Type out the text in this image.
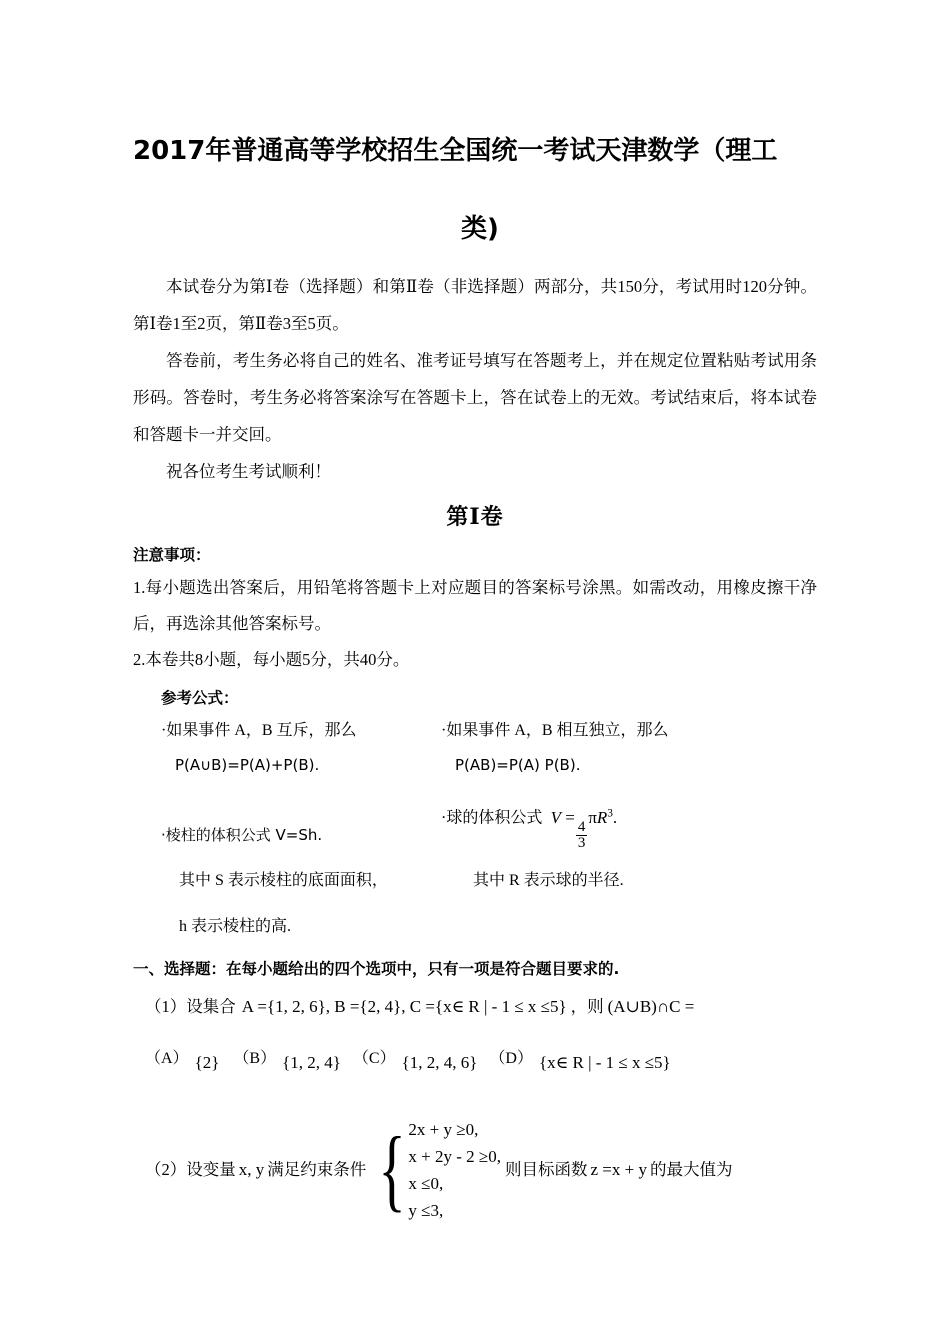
2017年普通高等学校招生全国统一考试天津数学（理工
类)

本试卷分为第Ⅰ卷（选择题）和第Ⅱ卷（非选择题）两部分，共150分，考试用时120分钟。第Ⅰ卷1至2页，第Ⅱ卷3至5页。

答卷前，考生务必将自己的姓名、准考证号填写在答题考上，并在规定位置粘贴考试用条形码。答卷时，考生务必将答案涂写在答题卡上，答在试卷上的无效。考试结束后，将本试卷和答题卡一并交回。

祝各位考生考试顺利！

第Ⅰ卷

注意事项：

1.每小题选出答案后，用铅笔将答题卡上对应题目的答案标号涂黑。如需改动，用橡皮擦干净后，再选涂其他答案标号。

2.本卷共8小题，每小题5分，共40分。

参考公式：

·如果事件 A，B 互斥，那么	·如果事件 A，B 相互独立，那么
P(A∪B)=P(A)+P(B).	P(AB)=P(A) P(B).
·棱柱的体积公式 V=Sh.
·球的体积公式 V =
$\frac{4}{3}$
$\pi R^3$.
其中 S 表示棱柱的底面面积，	其中 R 表示球的半径.
h 表示棱柱的高.

一、选择题：在每小题给出的四个选项中，只有一项是符合题目要求的.

（1） 设集合 A ={1, 2, 6}, B ={2, 4}, C ={x∈ R | - 1 ≤ x ≤5} ，则 (A∪B)∩C =
（A） {2} （B） {1, 2, 4} （C） {1, 2, 4, 6} （D） {x∈ R | - 1 ≤ x ≤5}
（2） 设变量 x, y 满足约束条件 { 2x + y ≥0,
x + 2y - 2 ≥0,
x ≤0,
y ≤3,
则目标函数 z =x + y 的最大值为
